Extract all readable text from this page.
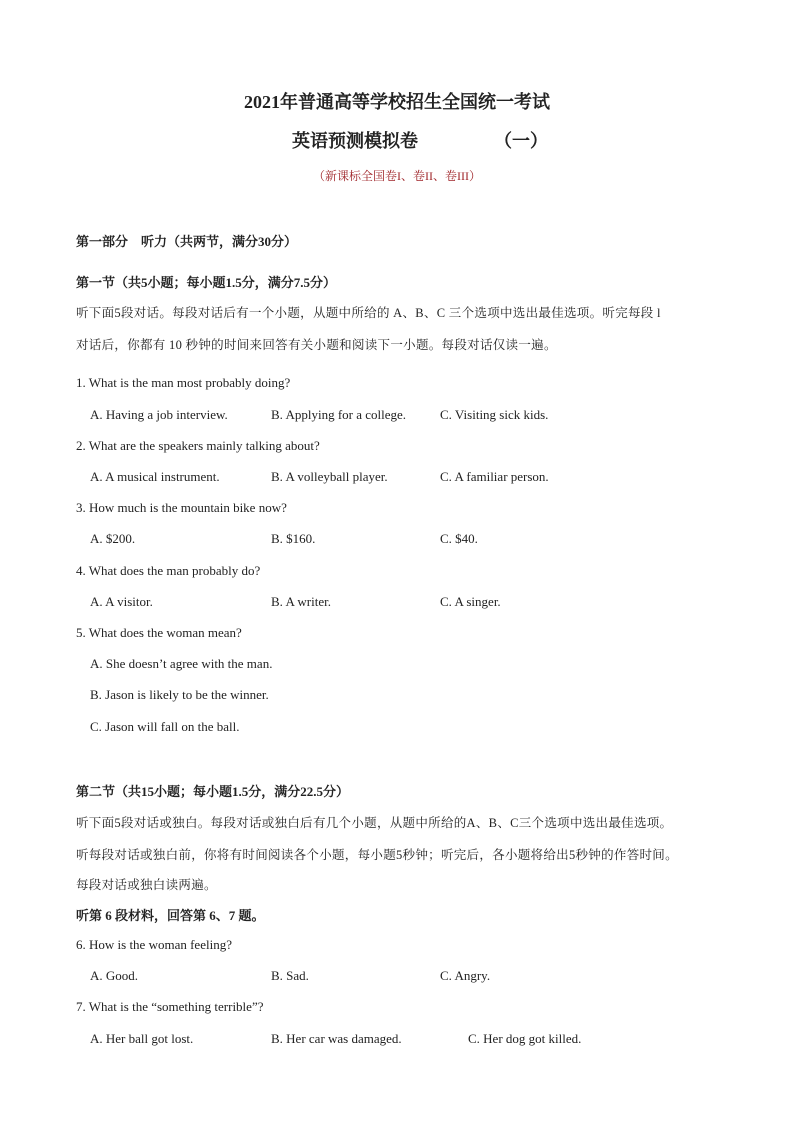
2021年普通高等学校招生全国统一考试
英语预测模拟卷	（一）
（新课标全国卷I、卷II、卷III）
第一部分　听力（共两节，满分30分）
第一节（共5小题；每小题1.5分，满分7.5分）
听下面5段对话。每段对话后有一个小题，从题中所给的 A、B、C 三个选项中选出最佳选项。听完每段 l
对话后，你都有 10 秒钟的时间来回答有关小题和阅读下一小题。每段对话仅读一遍。
1. What is the man most probably doing?
A. Having a job interview.	B. Applying for a college.	C. Visiting sick kids.
2. What are the speakers mainly talking about?
A. A musical instrument.	B. A volleyball player.	C. A familiar person.
3. How much is the mountain bike now?
A. $200.	B. $160.	C. $40.
4. What does the man probably do?
A. A visitor.	B. A writer.	C. A singer.
5. What does the woman mean?
A. She doesn’t agree with the man.
B. Jason is likely to be the winner.
C. Jason will fall on the ball.
第二节（共15小题；每小题1.5分，满分22.5分）
听下面5段对话或独白。每段对话或独白后有几个小题，从题中所给的A、B、C三个选项中选出最佳选项。
听每段对话或独白前，你将有时间阅读各个小题，每小题5秒钟；听完后，各小题将给出5秒钟的作答时间。
每段对话或独白读两遍。
听第 6 段材料，回答第 6、7 题。
6. How is the woman feeling?
A. Good.	B. Sad.	C. Angry.
7. What is the “something terrible”?
A. Her ball got lost.	B. Her car was damaged.	C. Her dog got killed.
